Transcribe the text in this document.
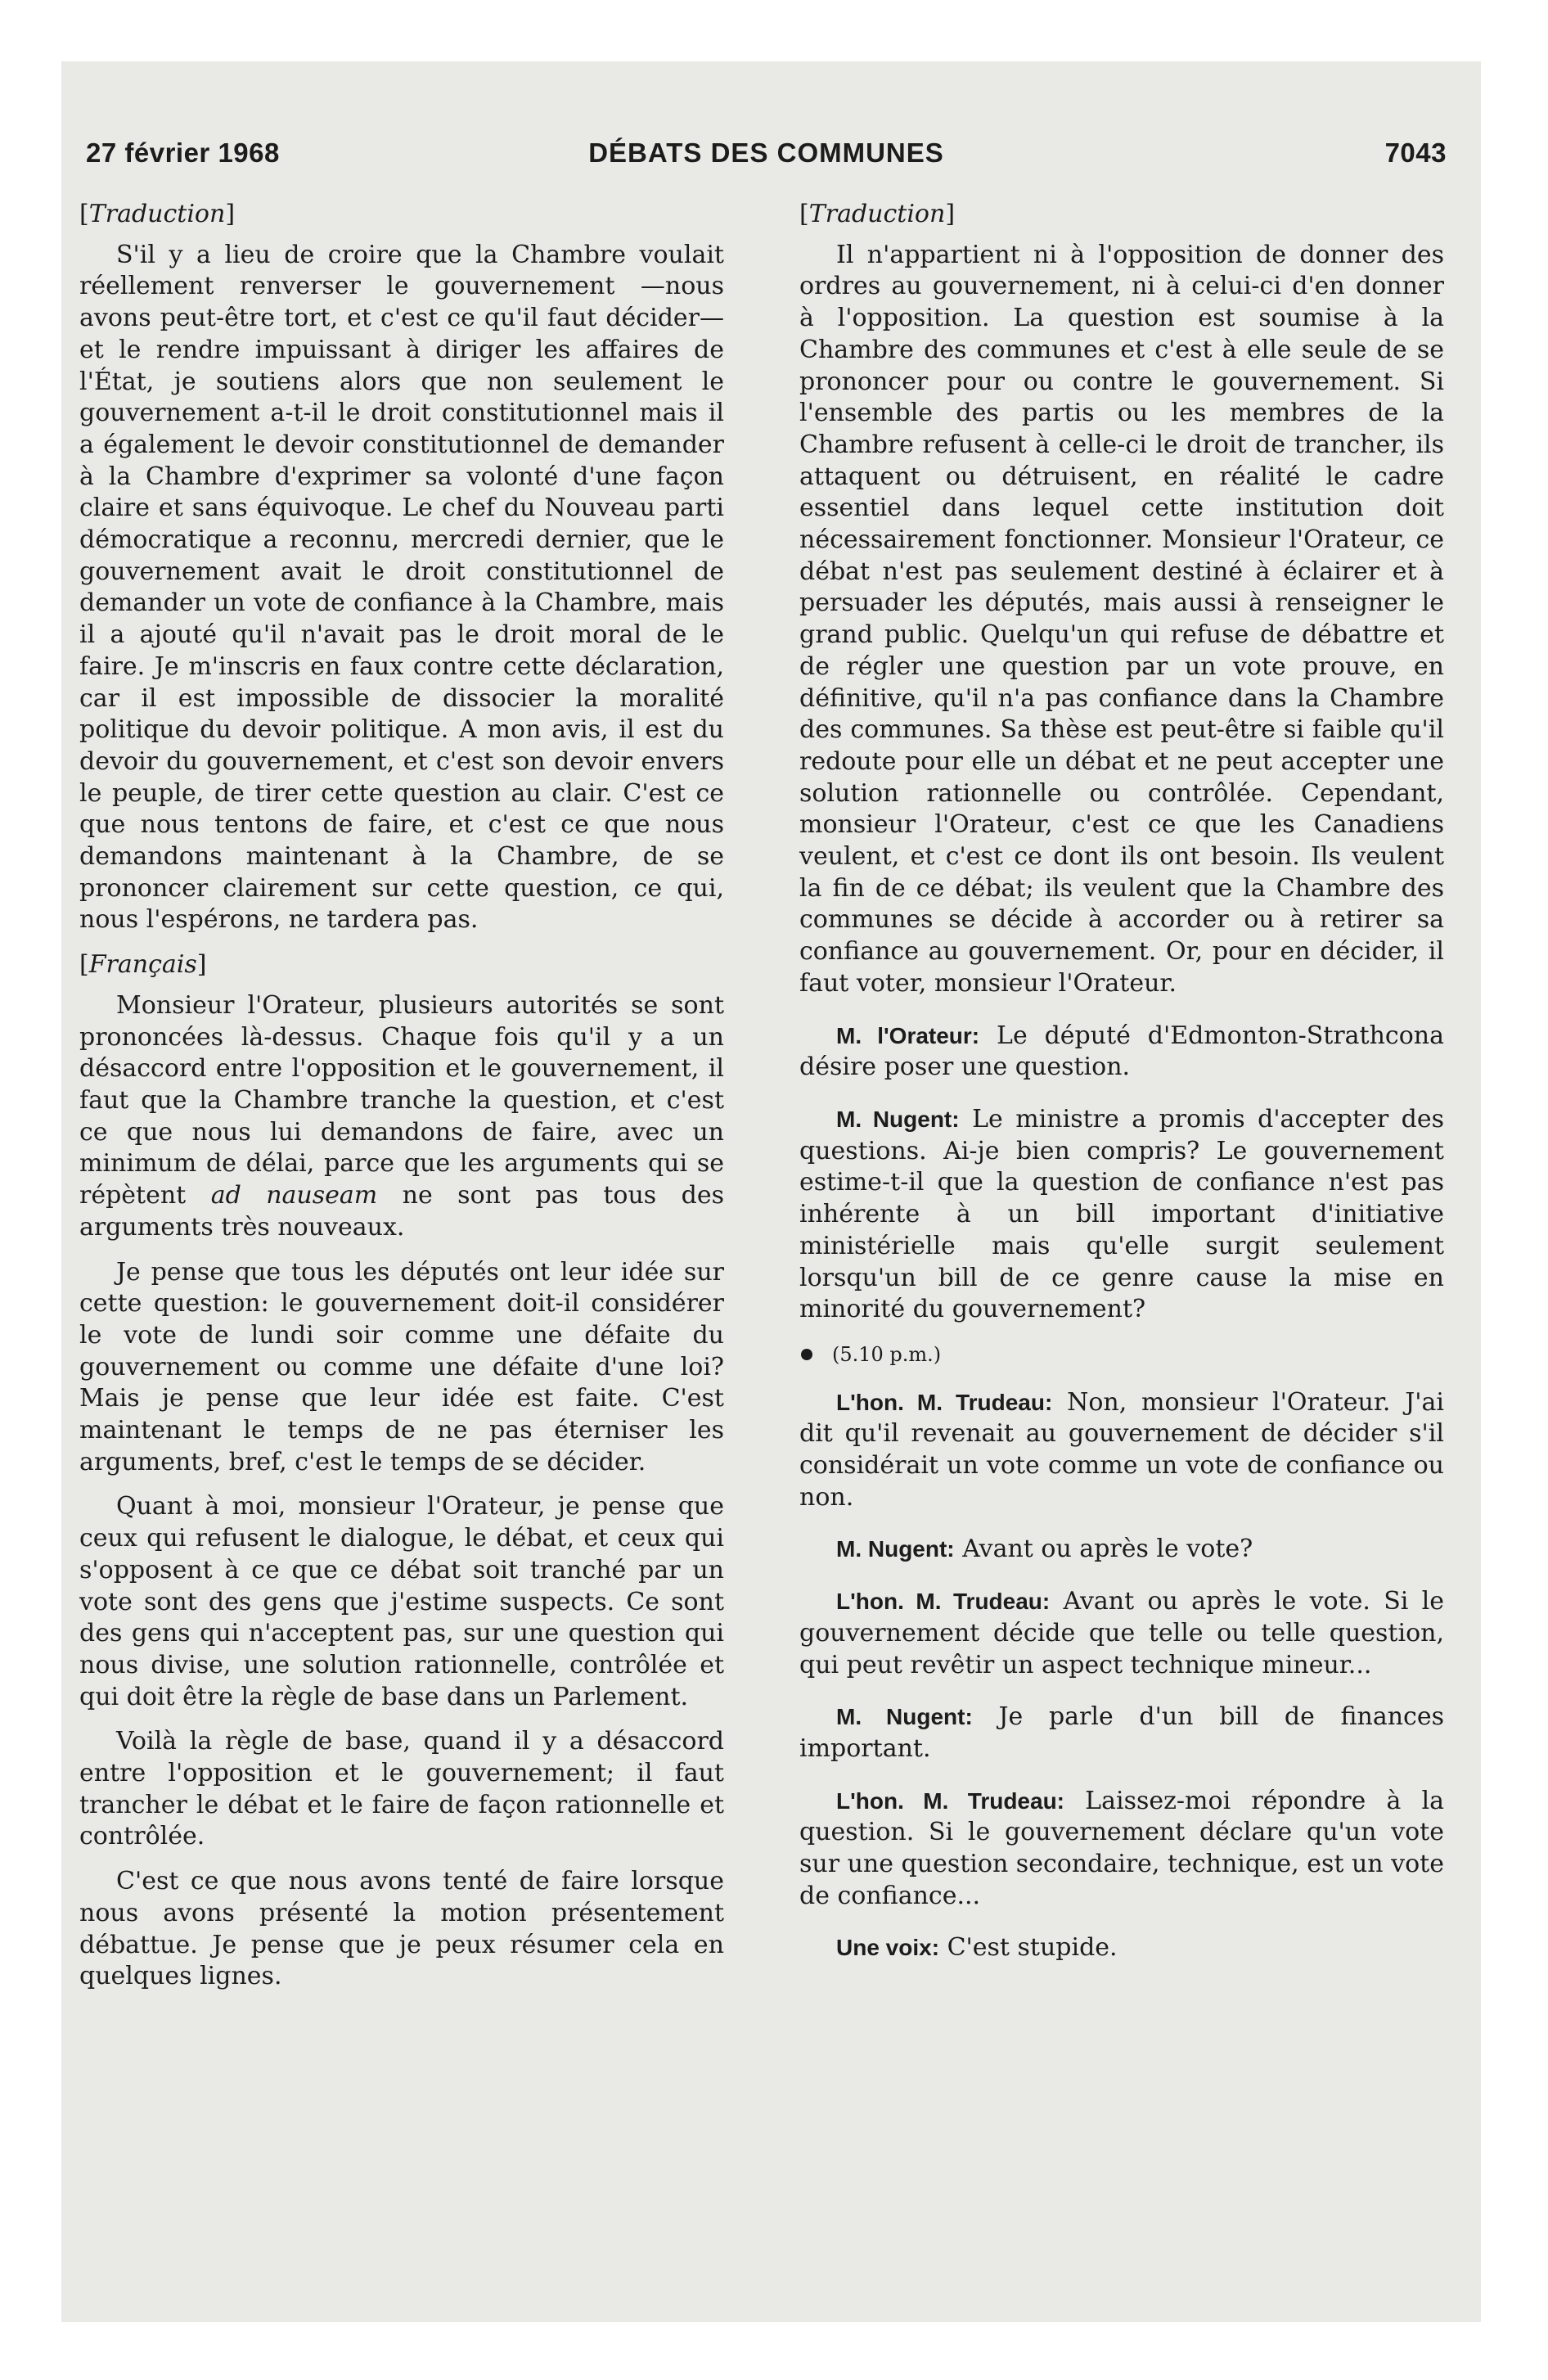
27 février 1968	DÉBATS DES COMMUNES	7043

[Traduction]

S'il y a lieu de croire que la Chambre voulait réellement renverser le gouvernement —nous avons peut-être tort, et c'est ce qu'il faut décider—et le rendre impuissant à diriger les affaires de l'État, je soutiens alors que non seulement le gouvernement a-t-il le droit constitutionnel mais il a également le devoir constitutionnel de demander à la Chambre d'exprimer sa volonté d'une façon claire et sans équivoque. Le chef du Nouveau parti démocratique a reconnu, mercredi dernier, que le gouvernement avait le droit constitutionnel de demander un vote de confiance à la Chambre, mais il a ajouté qu'il n'avait pas le droit moral de le faire. Je m'inscris en faux contre cette déclaration, car il est impossible de dissocier la moralité politique du devoir politique. A mon avis, il est du devoir du gouvernement, et c'est son devoir envers le peuple, de tirer cette question au clair. C'est ce que nous tentons de faire, et c'est ce que nous demandons maintenant à la Chambre, de se prononcer clairement sur cette question, ce qui, nous l'espérons, ne tardera pas.

[Français]

Monsieur l'Orateur, plusieurs autorités se sont prononcées là-dessus. Chaque fois qu'il y a un désaccord entre l'opposition et le gouvernement, il faut que la Chambre tranche la question, et c'est ce que nous lui demandons de faire, avec un minimum de délai, parce que les arguments qui se répètent ad nauseam ne sont pas tous des arguments très nouveaux.

Je pense que tous les députés ont leur idée sur cette question: le gouvernement doit-il considérer le vote de lundi soir comme une défaite du gouvernement ou comme une défaite d'une loi? Mais je pense que leur idée est faite. C'est maintenant le temps de ne pas éterniser les arguments, bref, c'est le temps de se décider.

Quant à moi, monsieur l'Orateur, je pense que ceux qui refusent le dialogue, le débat, et ceux qui s'opposent à ce que ce débat soit tranché par un vote sont des gens que j'estime suspects. Ce sont des gens qui n'acceptent pas, sur une question qui nous divise, une solution rationnelle, contrôlée et qui doit être la règle de base dans un Parlement.

Voilà la règle de base, quand il y a désaccord entre l'opposition et le gouvernement; il faut trancher le débat et le faire de façon rationnelle et contrôlée.

C'est ce que nous avons tenté de faire lorsque nous avons présenté la motion présentement débattue. Je pense que je peux résumer cela en quelques lignes.

[Traduction]

Il n'appartient ni à l'opposition de donner des ordres au gouvernement, ni à celui-ci d'en donner à l'opposition. La question est soumise à la Chambre des communes et c'est à elle seule de se prononcer pour ou contre le gouvernement. Si l'ensemble des partis ou les membres de la Chambre refusent à celle-ci le droit de trancher, ils attaquent ou détruisent, en réalité le cadre essentiel dans lequel cette institution doit nécessairement fonctionner. Monsieur l'Orateur, ce débat n'est pas seulement destiné à éclairer et à persuader les députés, mais aussi à renseigner le grand public. Quelqu'un qui refuse de débattre et de régler une question par un vote prouve, en définitive, qu'il n'a pas confiance dans la Chambre des communes. Sa thèse est peut-être si faible qu'il redoute pour elle un débat et ne peut accepter une solution rationnelle ou contrôlée. Cependant, monsieur l'Orateur, c'est ce que les Canadiens veulent, et c'est ce dont ils ont besoin. Ils veulent la fin de ce débat; ils veulent que la Chambre des communes se décide à accorder ou à retirer sa confiance au gouvernement. Or, pour en décider, il faut voter, monsieur l'Orateur.

M. l'Orateur: Le député d'Edmonton-Strathcona désire poser une question.

M. Nugent: Le ministre a promis d'accepter des questions. Ai-je bien compris? Le gouvernement estime-t-il que la question de confiance n'est pas inhérente à un bill important d'initiative ministérielle mais qu'elle surgit seulement lorsqu'un bill de ce genre cause la mise en minorité du gouvernement?

(5.10 p.m.)

L'hon. M. Trudeau: Non, monsieur l'Orateur. J'ai dit qu'il revenait au gouvernement de décider s'il considérait un vote comme un vote de confiance ou non.

M. Nugent: Avant ou après le vote?

L'hon. M. Trudeau: Avant ou après le vote. Si le gouvernement décide que telle ou telle question, qui peut revêtir un aspect technique mineur...

M. Nugent: Je parle d'un bill de finances important.

L'hon. M. Trudeau: Laissez-moi répondre à la question. Si le gouvernement déclare qu'un vote sur une question secondaire, technique, est un vote de confiance...

Une voix: C'est stupide.
